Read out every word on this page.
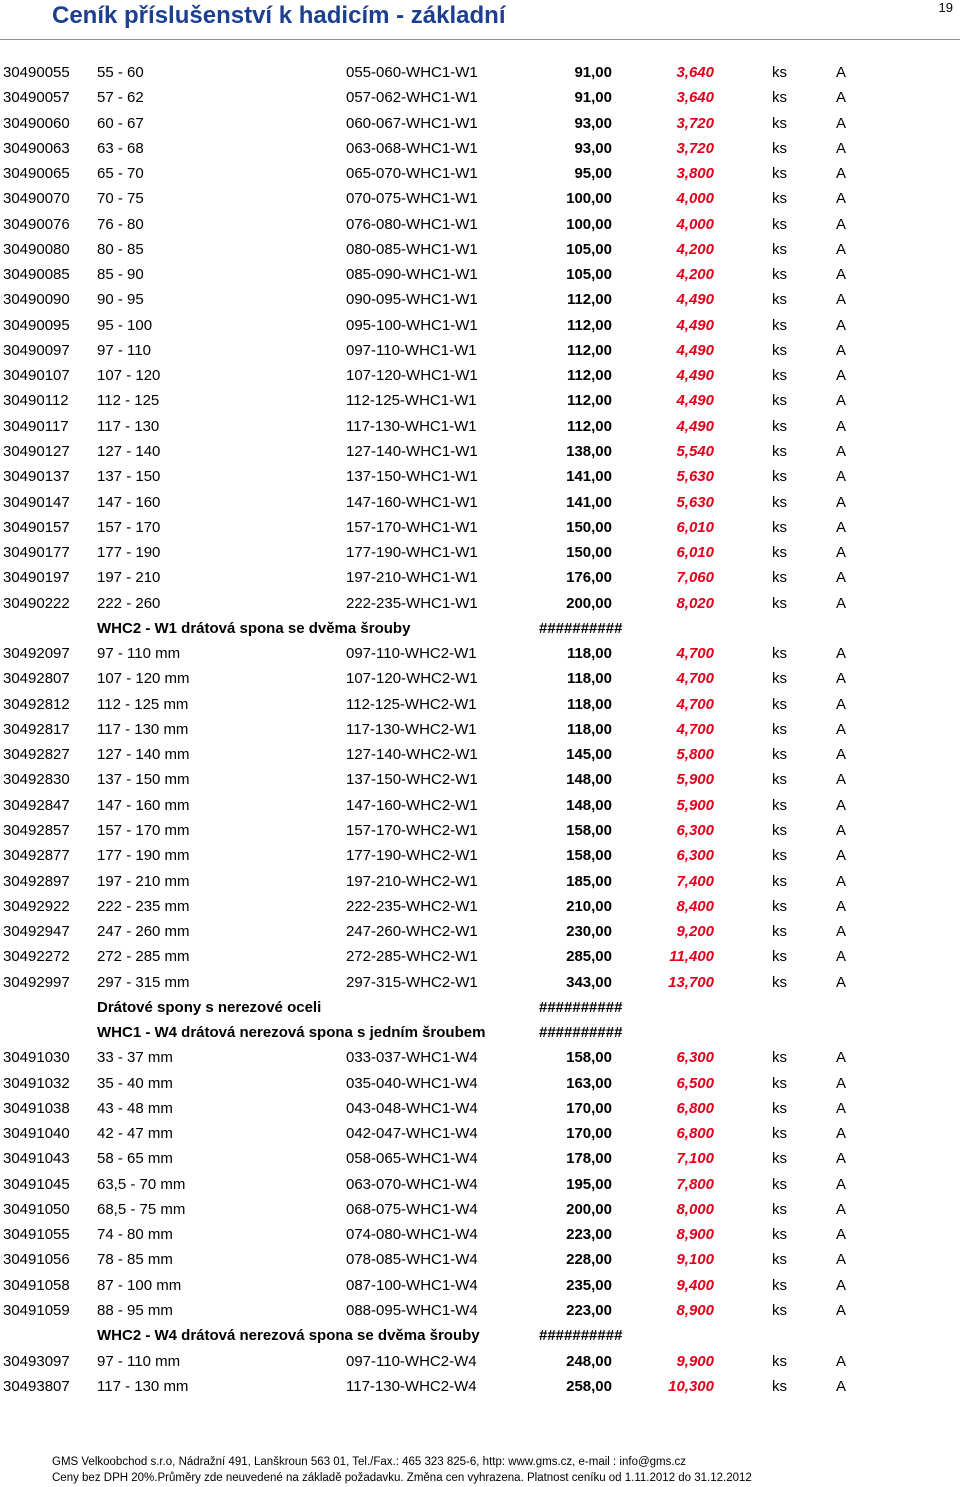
Ceník příslušenství k hadicím - základní	19
30490055 55 - 60	055-060-WHC1-W1	91,00	3,640	ks	A
30490057 57 - 62	057-062-WHC1-W1	91,00	3,640	ks	A
30490060 60 - 67	060-067-WHC1-W1	93,00	3,720	ks	A
30490063 63 - 68	063-068-WHC1-W1	93,00	3,720	ks	A
30490065 65 - 70	065-070-WHC1-W1	95,00	3,800	ks	A
30490070 70 - 75	070-075-WHC1-W1	100,00	4,000	ks	A
30490076 76 - 80	076-080-WHC1-W1	100,00	4,000	ks	A
30490080 80 - 85	080-085-WHC1-W1	105,00	4,200	ks	A
30490085 85 - 90	085-090-WHC1-W1	105,00	4,200	ks	A
30490090 90 - 95	090-095-WHC1-W1	112,00	4,490	ks	A
30490095 95 - 100	095-100-WHC1-W1	112,00	4,490	ks	A
30490097 97 - 110	097-110-WHC1-W1	112,00	4,490	ks	A
30490107 107 - 120	107-120-WHC1-W1	112,00	4,490	ks	A
30490112 112 - 125	112-125-WHC1-W1	112,00	4,490	ks	A
30490117 117 - 130	117-130-WHC1-W1	112,00	4,490	ks	A
30490127 127 - 140	127-140-WHC1-W1	138,00	5,540	ks	A
30490137 137 - 150	137-150-WHC1-W1	141,00	5,630	ks	A
30490147 147 - 160	147-160-WHC1-W1	141,00	5,630	ks	A
30490157 157 - 170	157-170-WHC1-W1	150,00	6,010	ks	A
30490177 177 - 190	177-190-WHC1-W1	150,00	6,010	ks	A
30490197 197 - 210	197-210-WHC1-W1	176,00	7,060	ks	A
30490222 222 - 260	222-235-WHC1-W1	200,00	8,020	ks	A
WHC2 - W1 drátová spona se dvěma šrouby	##########
30492097 97 - 110 mm	097-110-WHC2-W1	118,00	4,700	ks	A
30492807 107 - 120 mm	107-120-WHC2-W1	118,00	4,700	ks	A
30492812 112 - 125 mm	112-125-WHC2-W1	118,00	4,700	ks	A
30492817 117 - 130 mm	117-130-WHC2-W1	118,00	4,700	ks	A
30492827 127 - 140 mm	127-140-WHC2-W1	145,00	5,800	ks	A
30492830 137 - 150 mm	137-150-WHC2-W1	148,00	5,900	ks	A
30492847 147 - 160 mm	147-160-WHC2-W1	148,00	5,900	ks	A
30492857 157 - 170 mm	157-170-WHC2-W1	158,00	6,300	ks	A
30492877 177 - 190 mm	177-190-WHC2-W1	158,00	6,300	ks	A
30492897 197 - 210 mm	197-210-WHC2-W1	185,00	7,400	ks	A
30492922 222 - 235 mm	222-235-WHC2-W1	210,00	8,400	ks	A
30492947 247 - 260 mm	247-260-WHC2-W1	230,00	9,200	ks	A
30492272 272 - 285 mm	272-285-WHC2-W1	285,00	11,400	ks	A
30492997 297 - 315 mm	297-315-WHC2-W1	343,00	13,700	ks	A
Drátové spony s nerezové oceli	##########
WHC1 - W4 drátová nerezová spona s jedním šroubem	##########
30491030 33 - 37 mm	033-037-WHC1-W4	158,00	6,300	ks	A
30491032 35 - 40 mm	035-040-WHC1-W4	163,00	6,500	ks	A
30491038 43 - 48 mm	043-048-WHC1-W4	170,00	6,800	ks	A
30491040 42 - 47 mm	042-047-WHC1-W4	170,00	6,800	ks	A
30491043 58 - 65 mm	058-065-WHC1-W4	178,00	7,100	ks	A
30491045 63,5 - 70 mm	063-070-WHC1-W4	195,00	7,800	ks	A
30491050 68,5 - 75 mm	068-075-WHC1-W4	200,00	8,000	ks	A
30491055 74 - 80 mm	074-080-WHC1-W4	223,00	8,900	ks	A
30491056 78 - 85 mm	078-085-WHC1-W4	228,00	9,100	ks	A
30491058 87 - 100 mm	087-100-WHC1-W4	235,00	9,400	ks	A
30491059 88 - 95 mm	088-095-WHC1-W4	223,00	8,900	ks	A
WHC2 - W4 drátová nerezová spona se dvěma šrouby	##########
30493097 97 - 110 mm	097-110-WHC2-W4	248,00	9,900	ks	A
30493807 117 - 130 mm	117-130-WHC2-W4	258,00	10,300	ks	A
GMS Velkoobchod s.r.o, Nádražní 491, Lanškroun 563 01, Tel./Fax.: 465 323 825-6, http: www.gms.cz, e-mail : info@gms.cz
Ceny bez DPH 20%.Průměry zde neuvedené na základě požadavku. Změna cen vyhrazena. Platnost ceníku od 1.11.2012 do 31.12.2012
